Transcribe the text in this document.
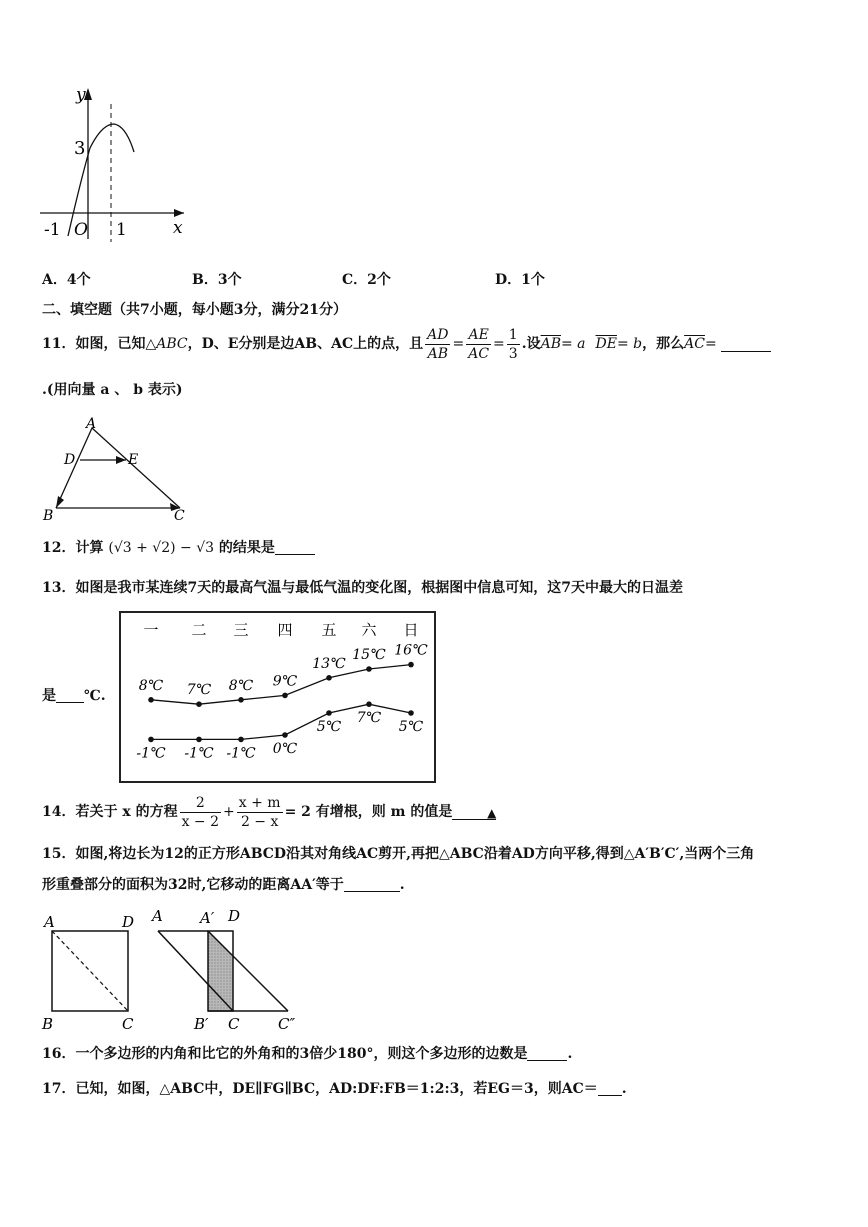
y
x
3
-1 O 1
A．4个	B．3个	C．2个	D．1个
二、填空题（共7小题，每小题3分，满分21分）
11．如图，已知△ ABC ，D、E分别是边AB、AC上的点，且 $\frac{AD}{AB} = \frac{AE}{AC} = \frac{1}{3}$ .设 $\overline{AB} = a$ $\overline{DE} = b$ ，那么 $\overline{AC}$ =
.(用向量 a 、 b 表示)
A
D	E
B	C
12．计算 (√3 + √2) − √3 的结果是
13．如图是我市某连续7天的最高气温与最低气温的变化图，根据图中信息可知，这7天中最大的日温差
一 二 三 四 五 六 日
8℃ 7℃ 8℃ 9℃
13℃
15℃ 16℃
-1℃ -1℃ -1℃ 0℃
5℃
7℃
5℃
是 ℃.
14．若关于 x 的方程 $\frac{2}{x - 2} + \frac{x + m}{2 - x} = 2$ 有增根，则 m 的值是	▲
15．如图,将边长为12的正方形ABCD沿其对角线AC剪开,再把△ABC沿着AD方向平移,得到△A′B′C′,当两个三角
形重叠部分的面积为32时,它移动的距离AA′等于	.
A	D
B	C
A A′ D
B′ C	C″
16．一个多边形的内角和比它的外角和的3倍少180°，则这个多边形的边数是	.
17．已知，如图，△ABC中，DE∥FG∥BC，AD:DF:FB＝1:2:3，若EG＝3，则AC＝ .
